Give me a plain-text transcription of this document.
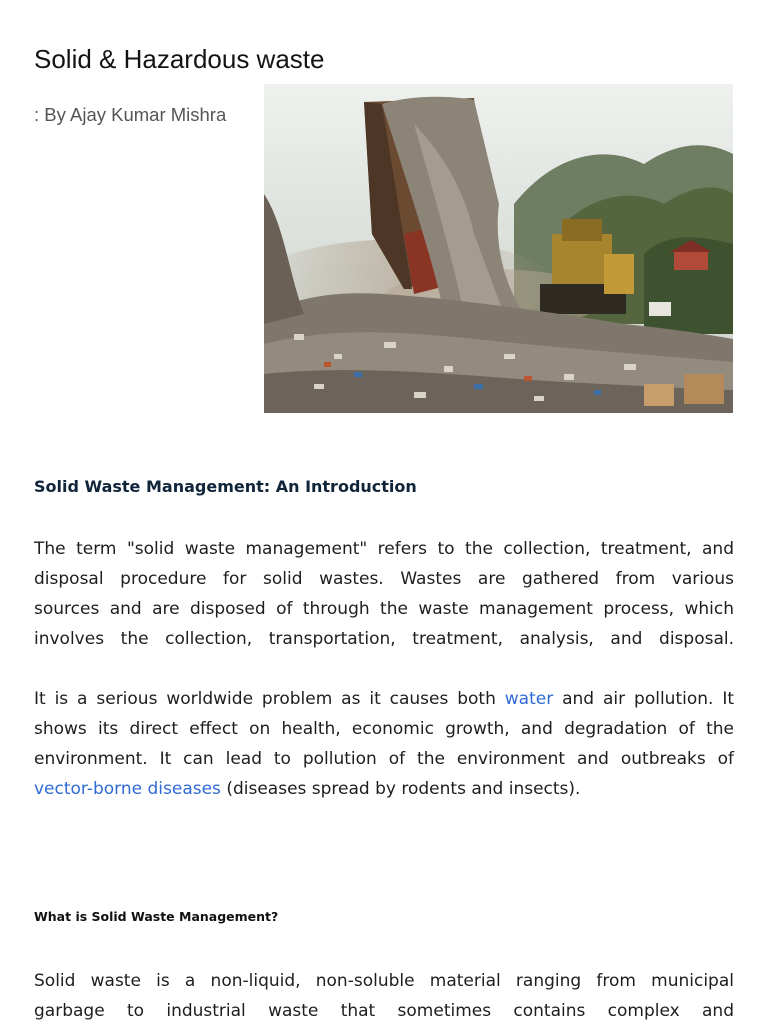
Solid & Hazardous waste
: By Ajay Kumar Mishra
Solid Waste Management: An Introduction

The term "solid waste management" refers to the collection, treatment, and
disposal procedure for solid wastes. Wastes are gathered from various
sources and are disposed of through the waste management process, which
involves the collection, transportation, treatment, analysis, and disposal.

It is a serious worldwide problem as it causes both water and air pollution. It
shows its direct effect on health, economic growth, and degradation of the
environment. It can lead to pollution of the environment and outbreaks of
vector-borne diseases (diseases spread by rodents and insects).

What is Solid Waste Management?

Solid waste is a non-liquid, non-soluble material ranging from municipal
garbage to industrial waste that sometimes contains complex and
